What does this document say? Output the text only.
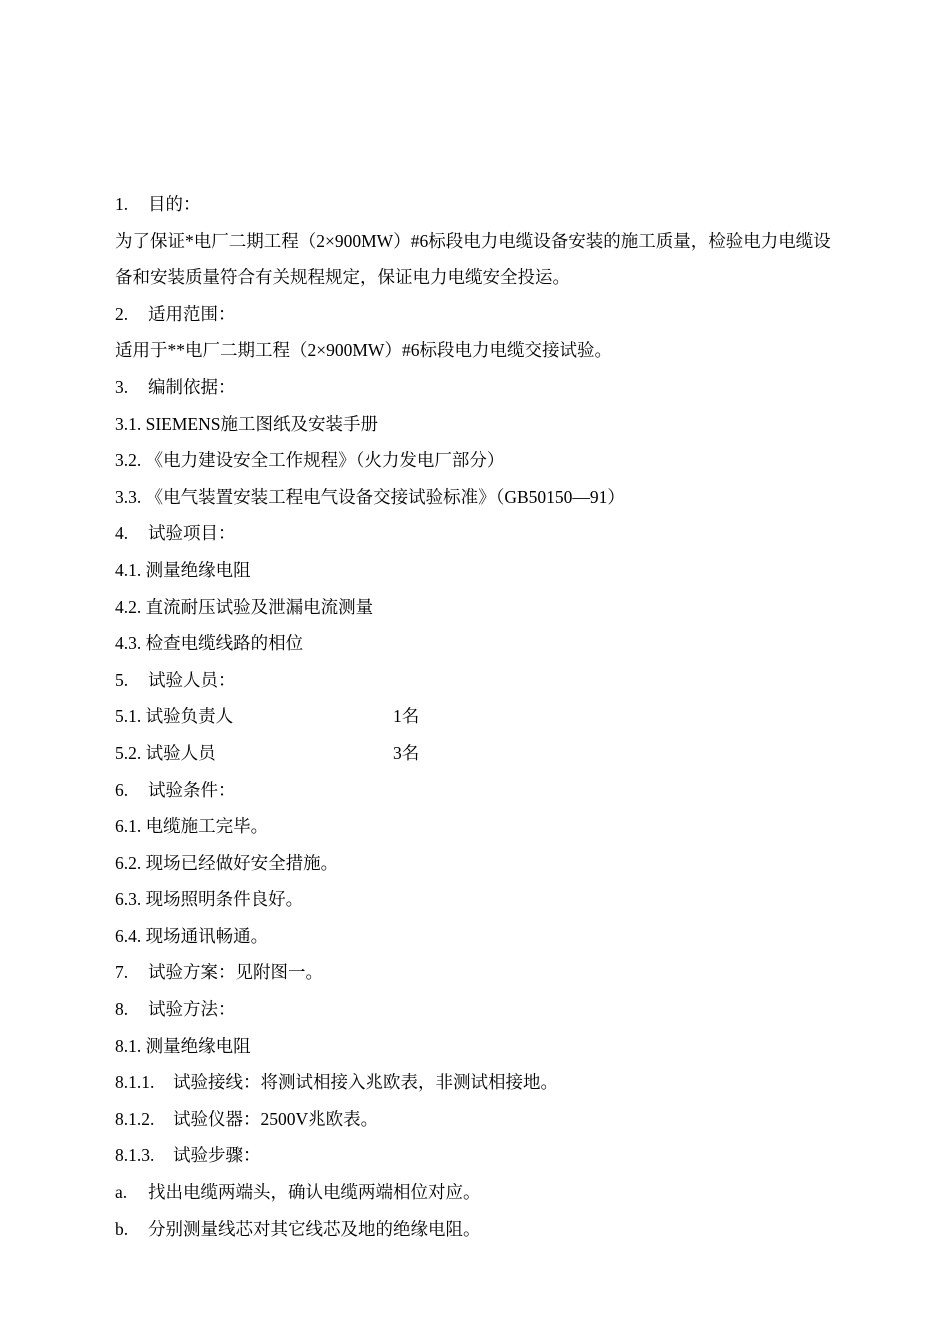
1. 目的：
为了保证*电厂二期工程（2×900MW）#6标段电力电缆设备安装的施工质量，检验电力电缆设备和安装质量符合有关规程规定，保证电力电缆安全投运。
2. 适用范围：
适用于**电厂二期工程（2×900MW）#6标段电力电缆交接试验。
3. 编制依据：
3.1. SIEMENS施工图纸及安装手册
3.2. 《电力建设安全工作规程》（火力发电厂部分）
3.3. 《电气装置安装工程电气设备交接试验标准》（GB50150—91）
4. 试验项目：
4.1. 测量绝缘电阻
4.2. 直流耐压试验及泄漏电流测量
4.3. 检查电缆线路的相位
5. 试验人员：
5.1. 试验负责人	1名
5.2. 试验人员	3名
6. 试验条件：
6.1. 电缆施工完毕。
6.2. 现场已经做好安全措施。
6.3. 现场照明条件良好。
6.4. 现场通讯畅通。
7. 试验方案：见附图一。
8. 试验方法：
8.1. 测量绝缘电阻
8.1.1. 试验接线：将测试相接入兆欧表，非测试相接地。
8.1.2. 试验仪器：2500V兆欧表。
8.1.3. 试验步骤：
a. 找出电缆两端头，确认电缆两端相位对应。
b. 分别测量线芯对其它线芯及地的绝缘电阻。
